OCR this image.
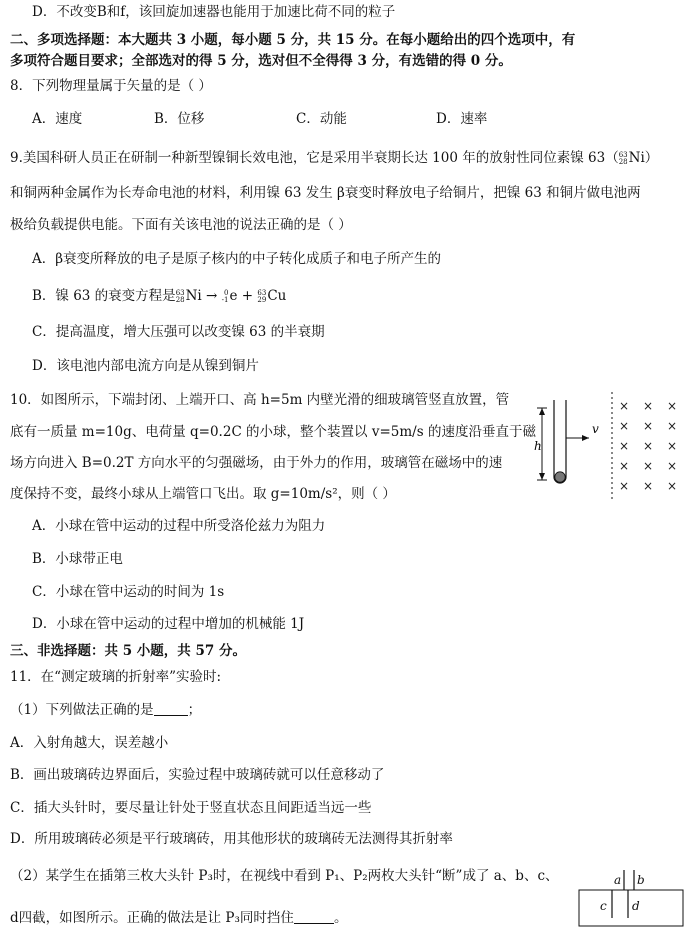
D．不改变B和f，该回旋加速器也能用于加速比荷不同的粒子
二、多项选择题：本大题共 3 小题，每小题 5 分，共 15 分。在每小题给出的四个选项中，有
多项符合题目要求；全部选对的得 5 分，选对但不全得得 3 分，有选错的得 0 分。
8．下列物理量属于矢量的是（ ）
A．速度	B．位移	C．动能	D．速率
9.美国科研人员正在研制一种新型镍铜长效电池，它是采用半衰期长达 100 年的放射性同位素镍 63（63
28Ni）
和铜两种金属作为长寿命电池的材料，利用镍 63 发生 β衰变时释放电子给铜片，把镍 63 和铜片做电池两
极给负载提供电能。下面有关该电池的说法正确的是（ ）
A．β衰变所释放的电子是原子核内的中子转化成质子和电子所产生的
B．镍 63 的衰变方程是63
28Ni → 0
-1e + 63
29Cu
C．提高温度，增大压强可以改变镍 63 的半衰期
D．该电池内部电流方向是从镍到铜片
10．如图所示，下端封闭、上端开口、高 h=5m 内壁光滑的细玻璃管竖直放置，管
底有一质量 m=10g、电荷量 q=0.2C 的小球，整个装置以 v=5m/s 的速度沿垂直于磁
场方向进入 B=0.2T 方向水平的匀强磁场，由于外力的作用，玻璃管在磁场中的速
度保持不变，最终小球从上端管口飞出。取 g=10m/s²，则（ ）
h
v
× × ×
× × ×
× × ×
× × ×
× × ×
A．小球在管中运动的过程中所受洛伦兹力为阻力
B．小球带正电
C．小球在管中运动的时间为 1s
D．小球在管中运动的过程中增加的机械能 1J
三、非选择题：共 5 小题，共 57 分。
11．在“测定玻璃的折射率”实验时:
（1）下列做法正确的是	；
A．入射角越大，误差越小
B．画出玻璃砖边界面后，实验过程中玻璃砖就可以任意移动了
C．插大头针时，要尽量让针处于竖直状态且间距适当远一些
D．所用玻璃砖必须是平行玻璃砖，用其他形状的玻璃砖无法测得其折射率
（2）某学生在插第三枚大头针 P₃时，在视线中看到 P₁、P₂两枚大头针“断”成了 a、b、c、
d四截，如图所示。正确的做法是让 P₃同时挡住	。
a b
c d
